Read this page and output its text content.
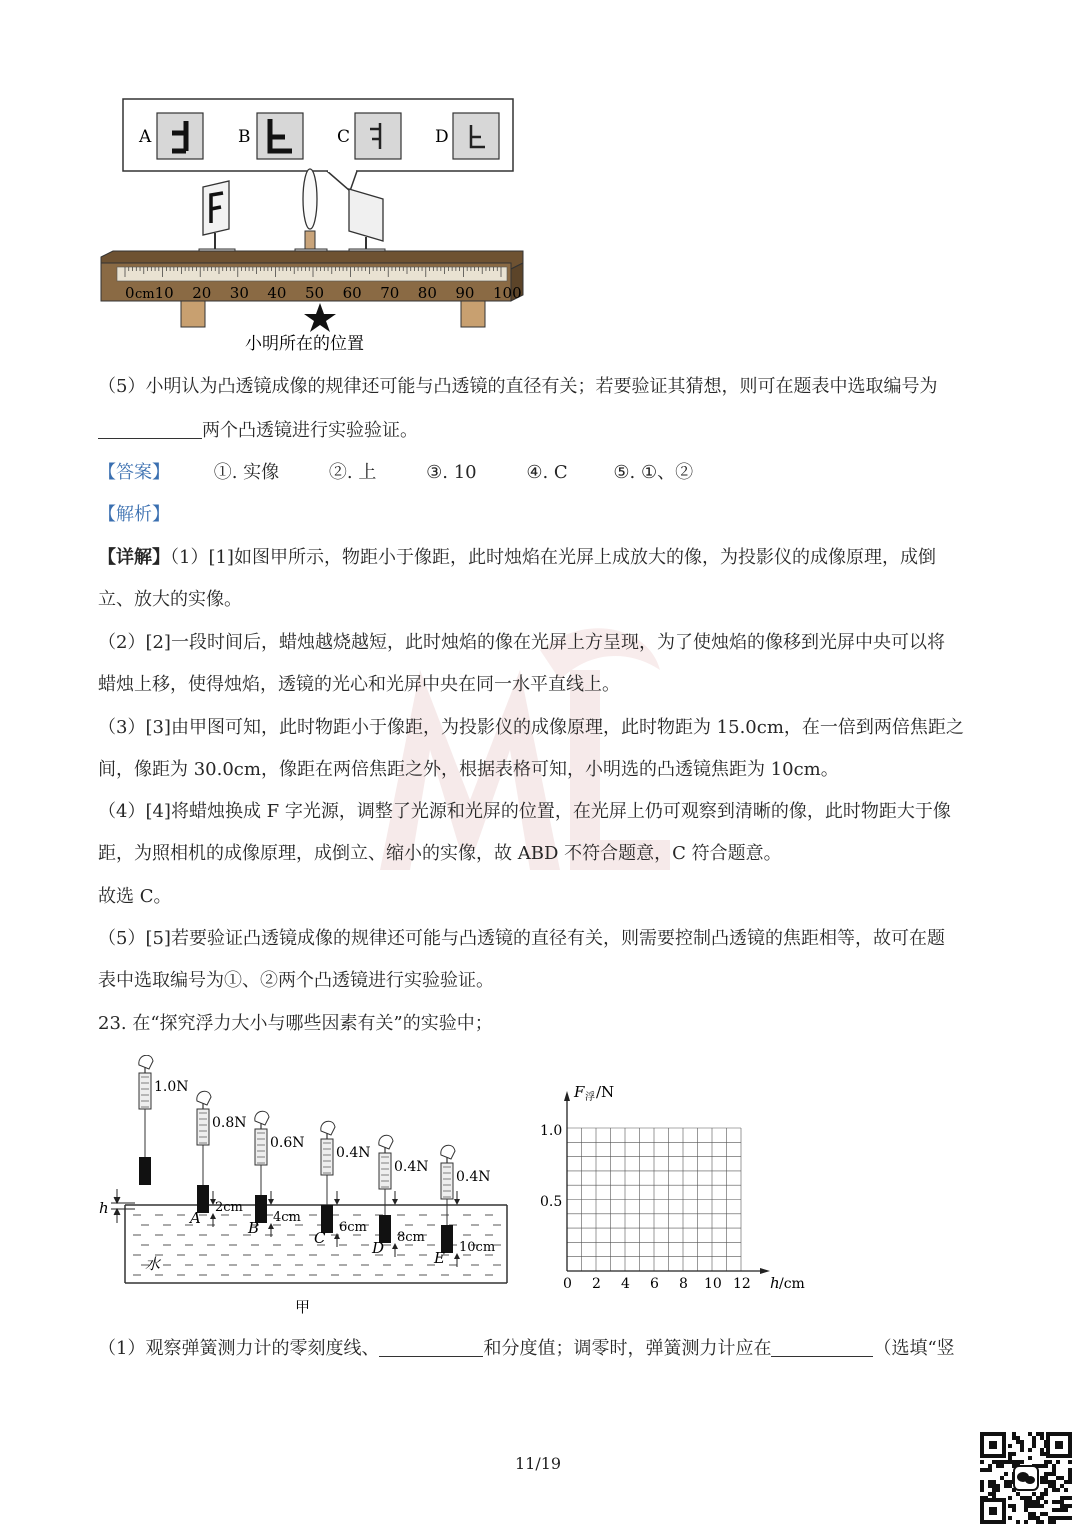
A	B	C	D
0 cm 10 20 30 40 50 60 70 80 90 100
小明所在的位置
（5）小明认为凸透镜成像的规律还可能与凸透镜的直径有关；若要验证其猜想，则可在题表中选取编号为
两个凸透镜进行实验验证。
【答案】 ①. 实像	②. 上	③. 10	④. C	⑤. ①、②
【解析】
【详解】（1）[1]如图甲所示，物距小于像距，此时烛焰在光屏上成放大的像，为投影仪的成像原理，成倒
立、放大的实像。
（2）[2]一段时间后，蜡烛越烧越短，此时烛焰的像在光屏上方呈现，为了使烛焰的像移到光屏中央可以将
蜡烛上移，使得烛焰，透镜的光心和光屏中央在同一水平直线上。
（3）[3]由甲图可知，此时物距小于像距，为投影仪的成像原理，此时物距为 15.0cm，在一倍到两倍焦距之
间，像距为 30.0cm，像距在两倍焦距之外，根据表格可知，小明选的凸透镜焦距为 10cm。
（4）[4]将蜡烛换成 F 字光源，调整了光源和光屏的位置，在光屏上仍可观察到清晰的像，此时物距大于像
距，为照相机的成像原理，成倒立、缩小的实像，故 ABD 不符合题意，C 符合题意。
故选 C。
（5）[5]若要验证凸透镜成像的规律还可能与凸透镜的直径有关，则需要控制凸透镜的焦距相等，故可在题
表中选取编号为①、②两个凸透镜进行实验验证。
23. 在“探究浮力大小与哪些因素有关”的实验中；
水
h
1.0N
0.8N
2cm
A
0.6N
4cm
B
0.4N
6cm
C
0.4N
8cm
D
0.4N
10cm
E
甲
F 浮 /N
1.0
0.5
0 2 4 6 8 10 12 h /cm
（1）观察弹簧测力计的零刻度线、	和分度值；调零时，弹簧测力计应在	（选填“竖
11/19
